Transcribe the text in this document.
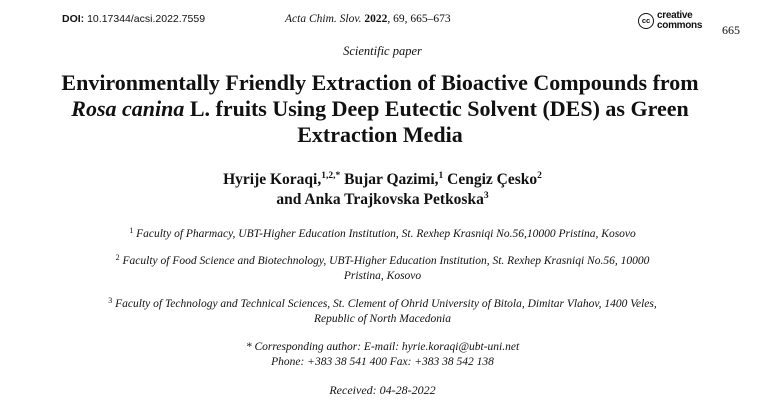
DOI: 10.17344/acsi.2022.7559	Acta Chim. Slov. 2022, 69, 665–673	cc creative
commons 665
Scientific paper
Environmentally Friendly Extraction of Bioactive Compounds from Rosa canina L. fruits Using Deep Eutectic Solvent (DES) as Green Extraction Media
Hyrije Koraqi,$^{1,2,*}$ Bujar Qazimi,$^1$ Cengiz Çesko$^2$
and Anka Trajkovska Petkoska$^3$
$^1$ Faculty of Pharmacy, UBT-Higher Education Institution, St. Rexhep Krasniqi No.56,10000 Pristina, Kosovo
$^2$ Faculty of Food Science and Biotechnology, UBT-Higher Education Institution, St. Rexhep Krasniqi No.56, 10000 Pristina, Kosovo
$^3$ Faculty of Technology and Technical Sciences, St. Clement of Ohrid University of Bitola, Dimitar Vlahov, 1400 Veles, Republic of North Macedonia
* Corresponding author: E-mail: hyrie.koraqi@ubt-uni.net
Phone: +383 38 541 400 Fax: +383 38 542 138
Received: 04-28-2022
